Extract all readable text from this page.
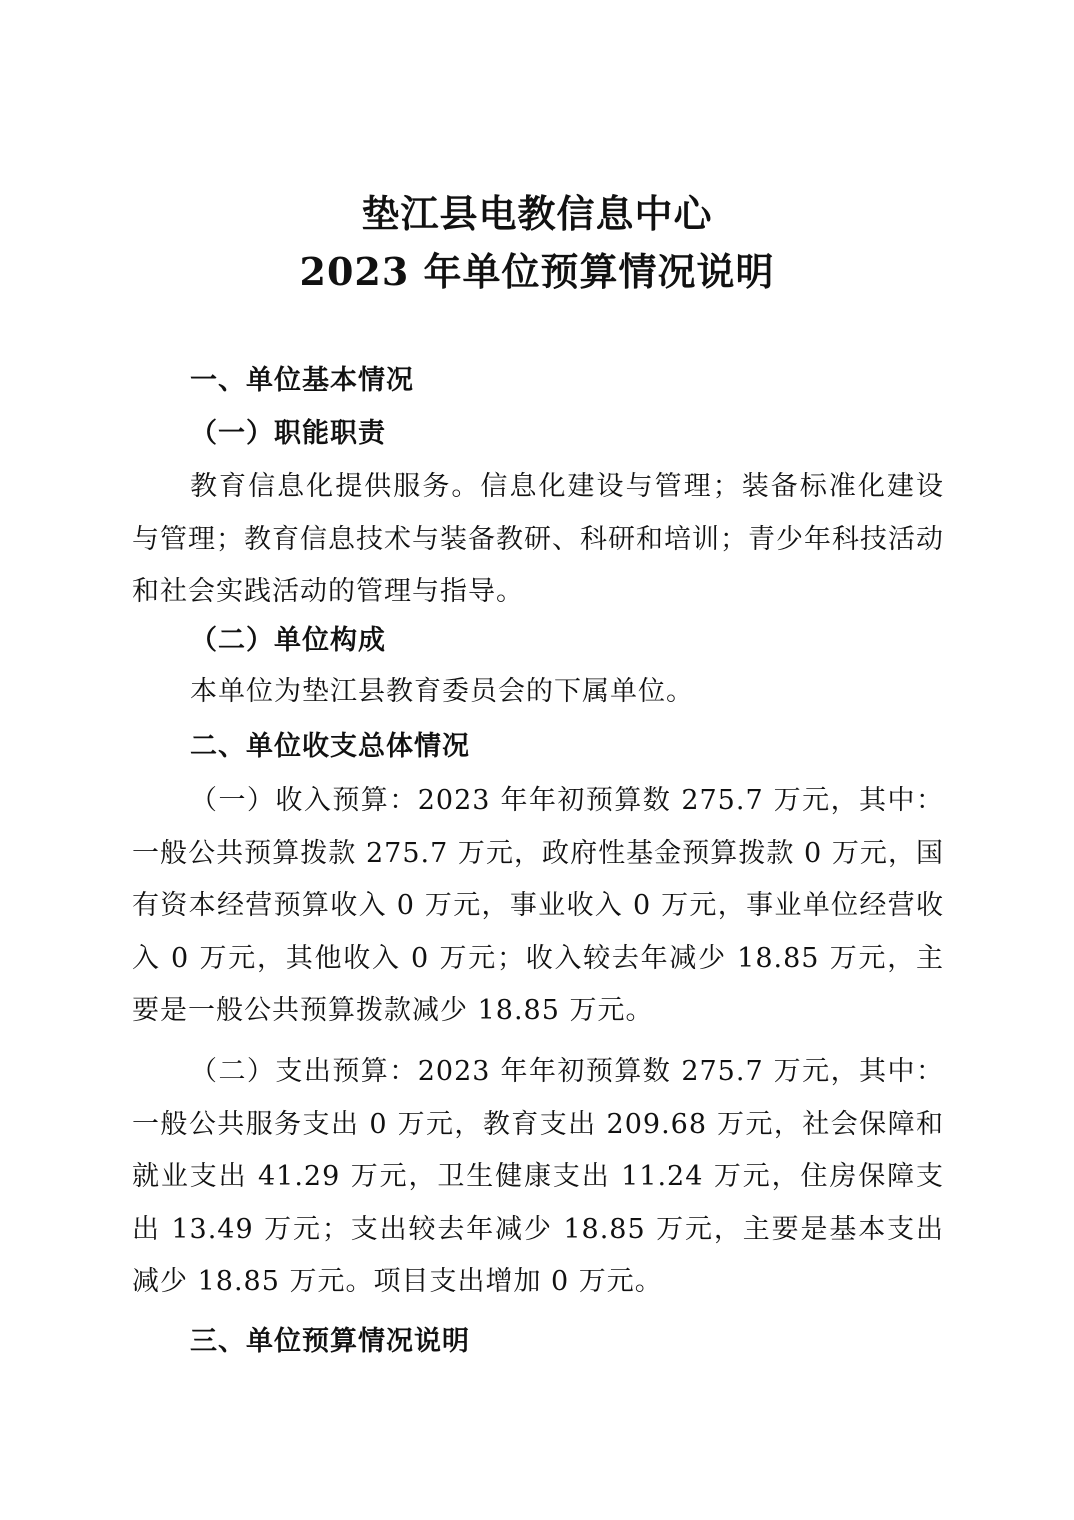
垫江县电教信息中心
2023 年单位预算情况说明
一、单位基本情况
（一）职能职责
教育信息化提供服务。信息化建设与管理；装备标准化建设与管理；教育信息技术与装备教研、科研和培训；青少年科技活动和社会实践活动的管理与指导。
（二）单位构成
本单位为垫江县教育委员会的下属单位。
二、单位收支总体情况
（一）收入预算：2023 年年初预算数 275.7 万元，其中：一般公共预算拨款 275.7 万元，政府性基金预算拨款 0 万元，国有资本经营预算收入 0 万元，事业收入 0 万元，事业单位经营收入 0 万元，其他收入 0 万元；收入较去年减少 18.85 万元，主要是一般公共预算拨款减少 18.85 万元。
（二）支出预算：2023 年年初预算数 275.7 万元，其中：一般公共服务支出 0 万元，教育支出 209.68 万元，社会保障和就业支出 41.29 万元，卫生健康支出 11.24 万元，住房保障支出 13.49 万元；支出较去年减少 18.85 万元，主要是基本支出减少 18.85 万元。项目支出增加 0 万元。
三、单位预算情况说明
